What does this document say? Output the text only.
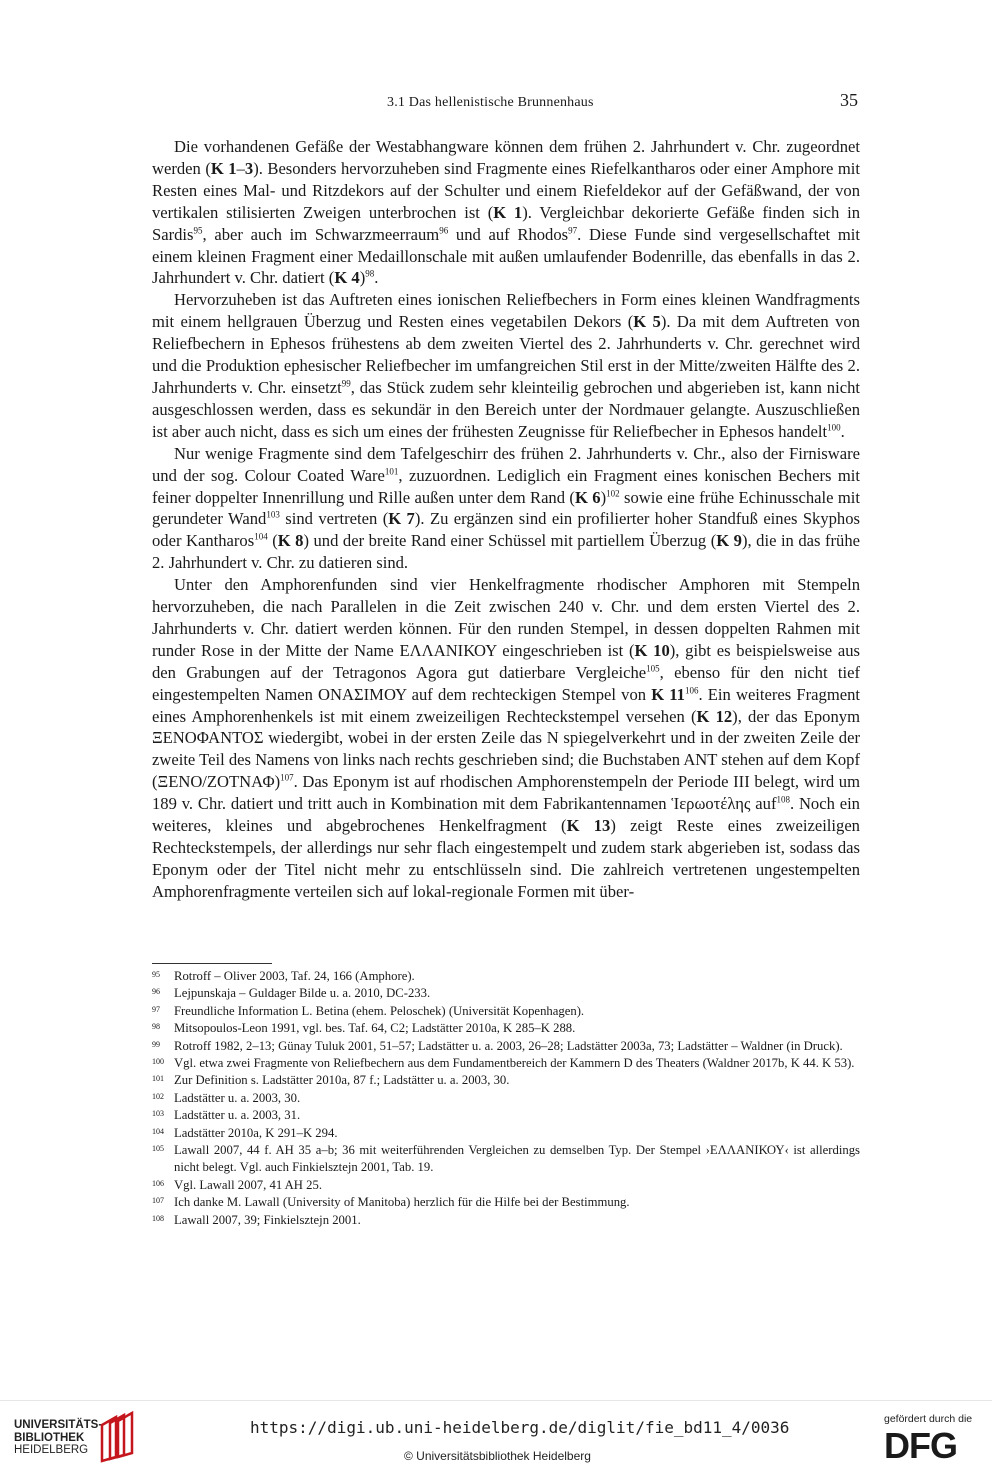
3.1 Das hellenistische Brunnenhaus	35

Die vorhandenen Gefäße der Westabhangware können dem frühen 2. Jahrhundert v. Chr. zugeordnet werden (K 1–3). Besonders hervorzuheben sind Fragmente eines Riefelkantharos oder einer Amphore mit Resten eines Mal- und Ritzdekors auf der Schulter und einem Riefeldekor auf der Gefäßwand, der von vertikalen stilisierten Zweigen unterbrochen ist (K 1). Vergleichbar dekorierte Gefäße finden sich in Sardis$^{95}$, aber auch im Schwarzmeerraum$^{96}$ und auf Rhodos$^{97}$. Diese Funde sind vergesellschaftet mit einem kleinen Fragment einer Medaillonschale mit außen umlaufender Bodenrille, das ebenfalls in das 2. Jahrhundert v. Chr. datiert (K 4)$^{98}$.

Hervorzuheben ist das Auftreten eines ionischen Reliefbechers in Form eines kleinen Wandfragments mit einem hellgrauen Überzug und Resten eines vegetabilen Dekors (K 5). Da mit dem Auftreten von Reliefbechern in Ephesos frühestens ab dem zweiten Viertel des 2. Jahrhunderts v. Chr. gerechnet wird und die Produktion ephesischer Reliefbecher im umfangreichen Stil erst in der Mitte/zweiten Hälfte des 2. Jahrhunderts v. Chr. einsetzt$^{99}$, das Stück zudem sehr kleinteilig gebrochen und abgerieben ist, kann nicht ausgeschlossen werden, dass es sekundär in den Bereich unter der Nordmauer gelangte. Auszuschließen ist aber auch nicht, dass es sich um eines der frühesten Zeugnisse für Reliefbecher in Ephesos handelt$^{100}$.

Nur wenige Fragmente sind dem Tafelgeschirr des frühen 2. Jahrhunderts v. Chr., also der Firnisware und der sog. Colour Coated Ware$^{101}$, zuzuordnen. Lediglich ein Fragment eines konischen Bechers mit feiner doppelter Innenrillung und Rille außen unter dem Rand (K 6)$^{102}$ sowie eine frühe Echinusschale mit gerundeter Wand$^{103}$ sind vertreten (K 7). Zu ergänzen sind ein profilierter hoher Standfuß eines Skyphos oder Kantharos$^{104}$ (K 8) und der breite Rand einer Schüssel mit partiellem Überzug (K 9), die in das frühe 2. Jahrhundert v. Chr. zu datieren sind.

Unter den Amphorenfunden sind vier Henkelfragmente rhodischer Amphoren mit Stempeln hervorzuheben, die nach Parallelen in die Zeit zwischen 240 v. Chr. und dem ersten Viertel des 2. Jahrhunderts v. Chr. datiert werden können. Für den runden Stempel, in dessen doppelten Rahmen mit runder Rose in der Mitte der Name ΕΛΛΑΝΙΚΟΥ eingeschrieben ist (K 10), gibt es beispielsweise aus den Grabungen auf der Tetragonos Agora gut datierbare Vergleiche$^{105}$, ebenso für den nicht tief eingestempelten Namen ΟΝΑΣΙΜΟΥ auf dem rechteckigen Stempel von K $11^{106}$. Ein weiteres Fragment eines Amphorenhenkels ist mit einem zweizeiligen Rechteckstempel versehen (K 12), der das Eponym ΞΕΝΟΦΑΝΤΟΣ wiedergibt, wobei in der ersten Zeile das N spiegelverkehrt und in der zweiten Zeile der zweite Teil des Namens von links nach rechts geschrieben sind; die Buchstaben ANT stehen auf dem Kopf $(\Xi ENO/ZOTNA\Phi)^{107}$. Das Eponym ist auf rhodischen Amphorenstempeln der Periode III belegt, wird um 189 v. Chr. datiert und tritt auch in Kombination mit dem Fabrikantennamen Ἱερωοτέλης auf$^{108}$. Noch ein weiteres, kleines und abgebrochenes Henkelfragment (K 13) zeigt Reste eines zweizeiligen Rechteckstempels, der allerdings nur sehr flach eingestempelt und zudem stark abgerieben ist, sodass das Eponym oder der Titel nicht mehr zu entschlüsseln sind. Die zahlreich vertretenen ungestempelten Amphorenfragmente verteilen sich auf lokal-regionale Formen mit über-

95	Rotroff – Oliver 2003, Taf. 24, 166 (Amphore).
96	Lejpunskaja – Guldager Bilde u. a. 2010, DC-233.
97	Freundliche Information L. Betina (ehem. Peloschek) (Universität Kopenhagen).
98	Mitsopoulos-Leon 1991, vgl. bes. Taf. 64, C2; Ladstätter 2010a, K 285–K 288.
99	Rotroff 1982, 2–13; Günay Tuluk 2001, 51–57; Ladstätter u. a. 2003, 26–28; Ladstätter 2003a, 73; Ladstätter – Waldner (in Druck).
100 Vgl. etwa zwei Fragmente von Reliefbechern aus dem Fundamentbereich der Kammern D des Theaters (Waldner 2017b, K 44. K 53).
101 Zur Definition s. Ladstätter 2010a, 87 f.; Ladstätter u. a. 2003, 30.
102 Ladstätter u. a. 2003, 30.
103 Ladstätter u. a. 2003, 31.
104 Ladstätter 2010a, K 291–K 294.
105 Lawall 2007, 44 f. AH 35 a–b; 36 mit weiterführenden Vergleichen zu demselben Typ. Der Stempel ›ΕΛΛΑΝΙΚΟΥ‹ ist allerdings nicht belegt. Vgl. auch Finkielsztejn 2001, Tab. 19.
106 Vgl. Lawall 2007, 41 AH 25.
107 Ich danke M. Lawall (University of Manitoba) herzlich für die Hilfe bei der Bestimmung.
108 Lawall 2007, 39; Finkielsztejn 2001.
UNIVERSITÄTS-
BIBLIOTHEK
HEIDELBERG
https://digi.ub.uni-heidelberg.de/diglit/fie_bd11_4/0036
© Universitätsbibliothek Heidelberg
gefördert durch die
DFG
